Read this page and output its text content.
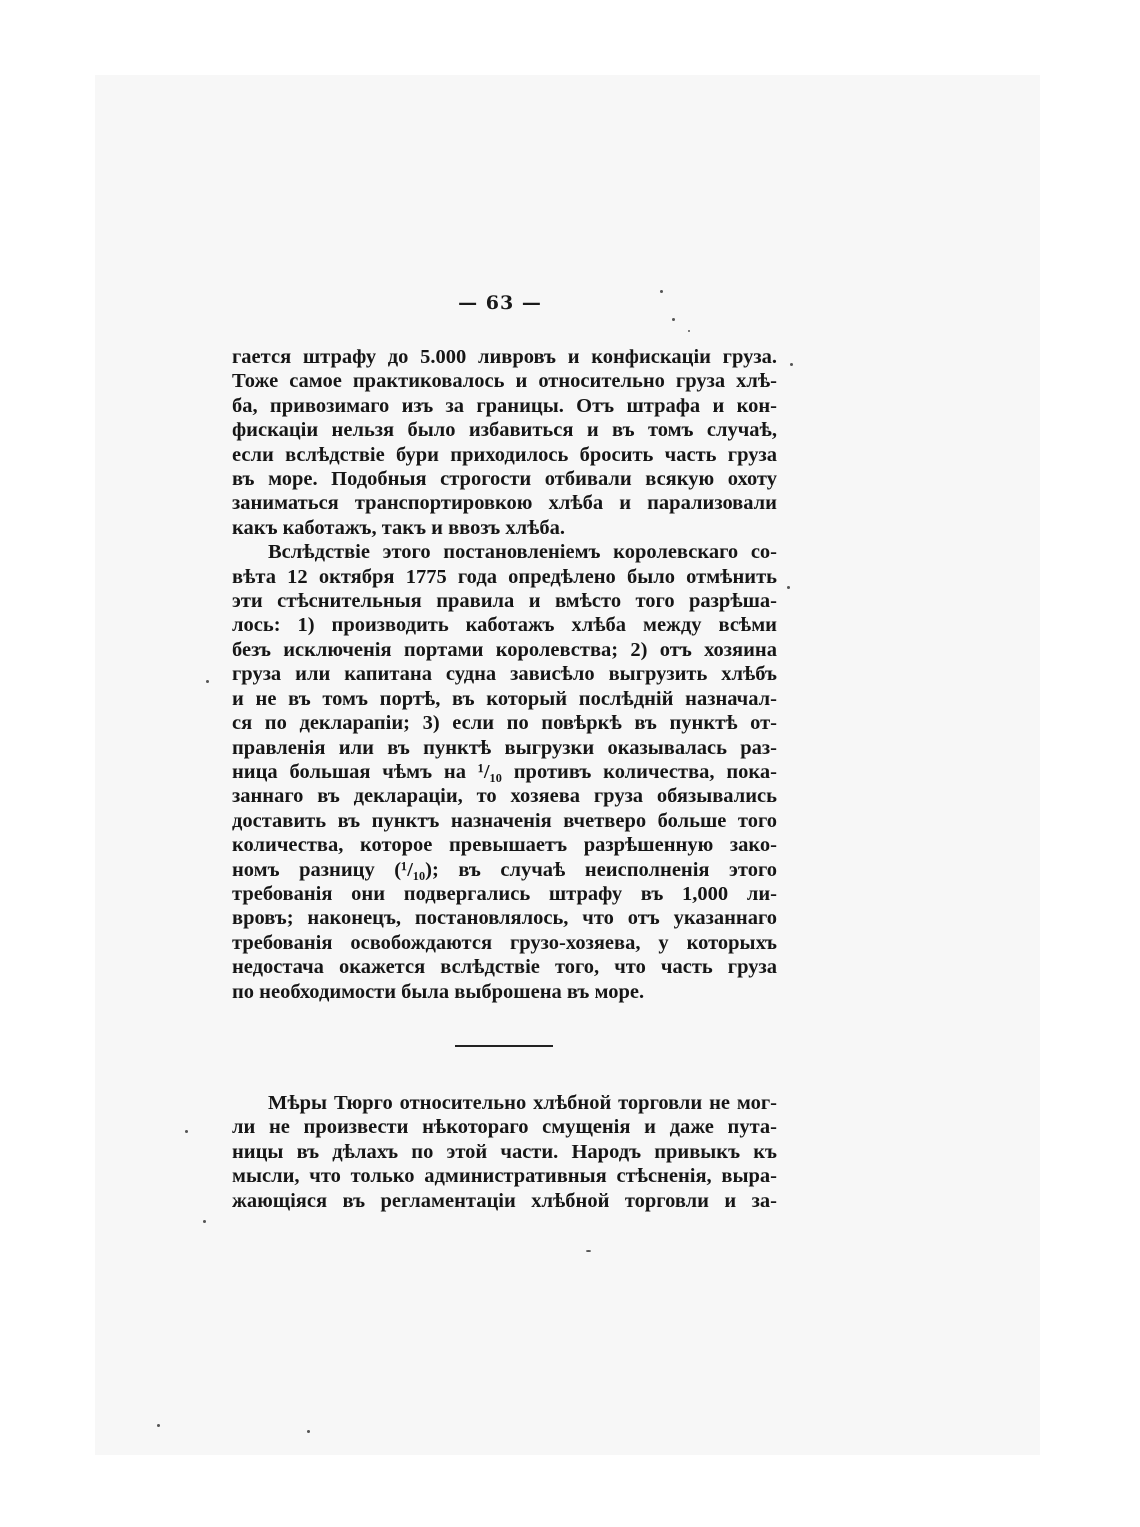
— 63 —
гается штрафу до 5.000 ливровъ и конфискаціи груза.
Тоже самое практиковалось и относительно груза хлѣ-
ба, привозимаго изъ за границы. Отъ штрафа и кон-
фискаціи нельзя было избавиться и въ томъ случаѣ,
если вслѣдствіе бури приходилось бросить часть груза
въ море. Подобныя строгости отбивали всякую охоту
заниматься транспортировкою хлѣба и парализовали
какъ каботажъ, такъ и ввозъ хлѣба.
Вслѣдствіе этого постановленіемъ королевскаго со-
вѣта 12 октября 1775 года опредѣлено было отмѣнить
эти стѣснительныя правила и вмѣсто того разрѣша-
лось: 1) производить каботажъ хлѣба между всѣми
безъ исключенія портами королевства; 2) отъ хозяина
груза или капитана судна зависѣло выгрузить хлѣбъ
и не въ томъ портѣ, въ который послѣдній назначал-
ся по декларапіи; 3) если по повѣркѣ въ пунктѣ от-
правленія или въ пунктѣ выгрузки оказывалась раз-
ница большая чѣмъ на ¹/₁₀ противъ количества, пока-
заннаго въ деклараціи, то хозяева груза обязывались
доставить въ пунктъ назначенія вчетверо больше того
количества, которое превышаетъ разрѣшенную зако-
номъ разницу (¹/₁₀); въ случаѣ неисполненія этого
требованія они подвергались штрафу въ 1,000 ли-
вровъ; наконецъ, постановлялось, что отъ указаннаго
требованія освобождаются грузо-хозяева, у которыхъ
недостача окажется вслѣдствіе того, что часть груза
по необходимости была выброшена въ море.
Мѣры Тюрго относительно хлѣбной торговли не мог-
ли не произвести нѣкотораго смущенія и даже пута-
ницы въ дѣлахъ по этой части. Народъ привыкъ къ
мысли, что только административныя стѣсненія, выра-
жающіяся въ регламентаціи хлѣбной торговли и за-
